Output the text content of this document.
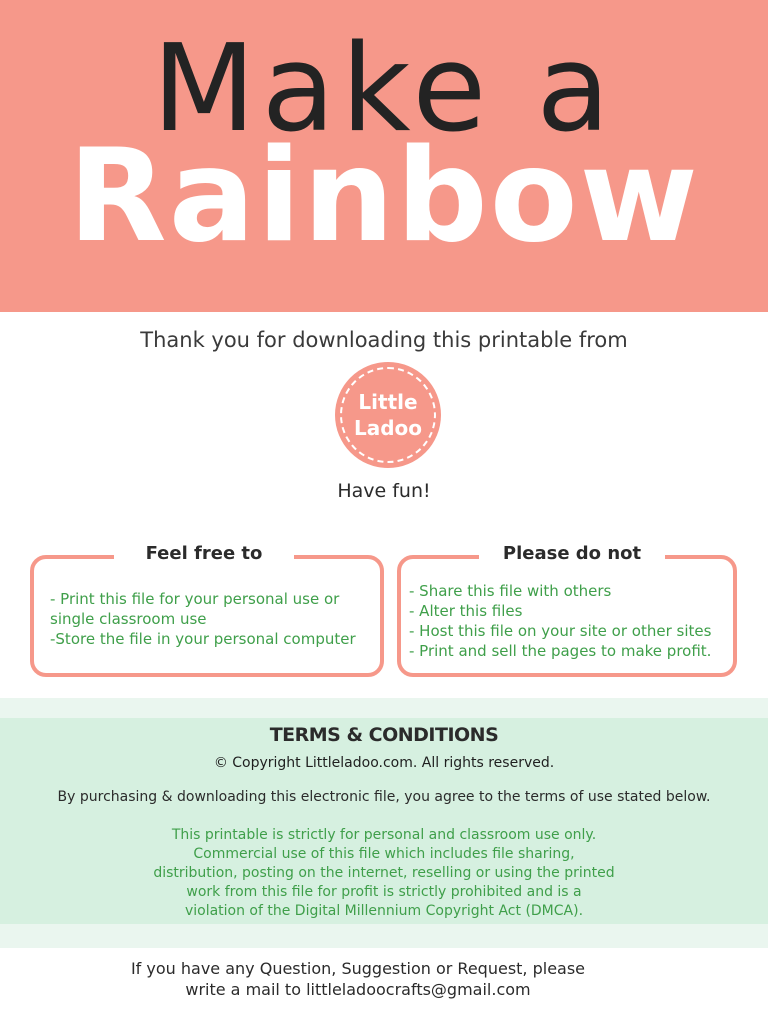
Make a
Rainbow
Thank you for downloading this printable from
Little
Ladoo
Have fun!
Feel free to
- Print this file for your personal use or
single classroom use
-Store the file in your personal computer
Please do not
- Share this file with others
- Alter this files
- Host this file on your site or other sites
- Print and sell the pages to make profit.
TERMS & CONDITIONS
© Copyright Littleladoo.com. All rights reserved.
By purchasing & downloading this electronic file, you agree to the terms of use stated below.
This printable is strictly for personal and classroom use only.
Commercial use of this file which includes file sharing,
distribution, posting on the internet, reselling or using the printed
work from this file for profit is strictly prohibited and is a
violation of the Digital Millennium Copyright Act (DMCA).
If you have any Question, Suggestion or Request, please
write a mail to littleladoocrafts@gmail.com
